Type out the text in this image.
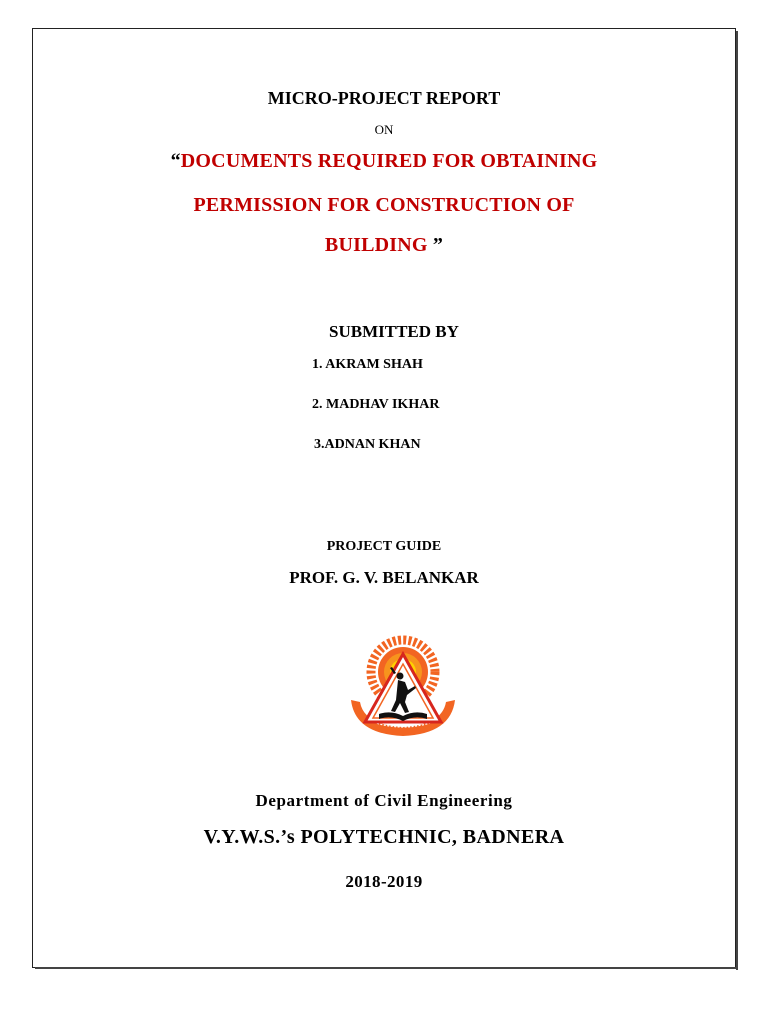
MICRO-PROJECT REPORT
ON
“DOCUMENTS REQUIRED FOR OBTAINING
PERMISSION FOR CONSTRUCTION OF
BUILDING ”
SUBMITTED BY
1. AKRAM SHAH
2. MADHAV IKHAR
3.ADNAN KHAN
PROJECT GUIDE
PROF. G. V. BELANKAR
Department of Civil Engineering
V.Y.W.S.’s POLYTECHNIC, BADNERA
2018-2019
